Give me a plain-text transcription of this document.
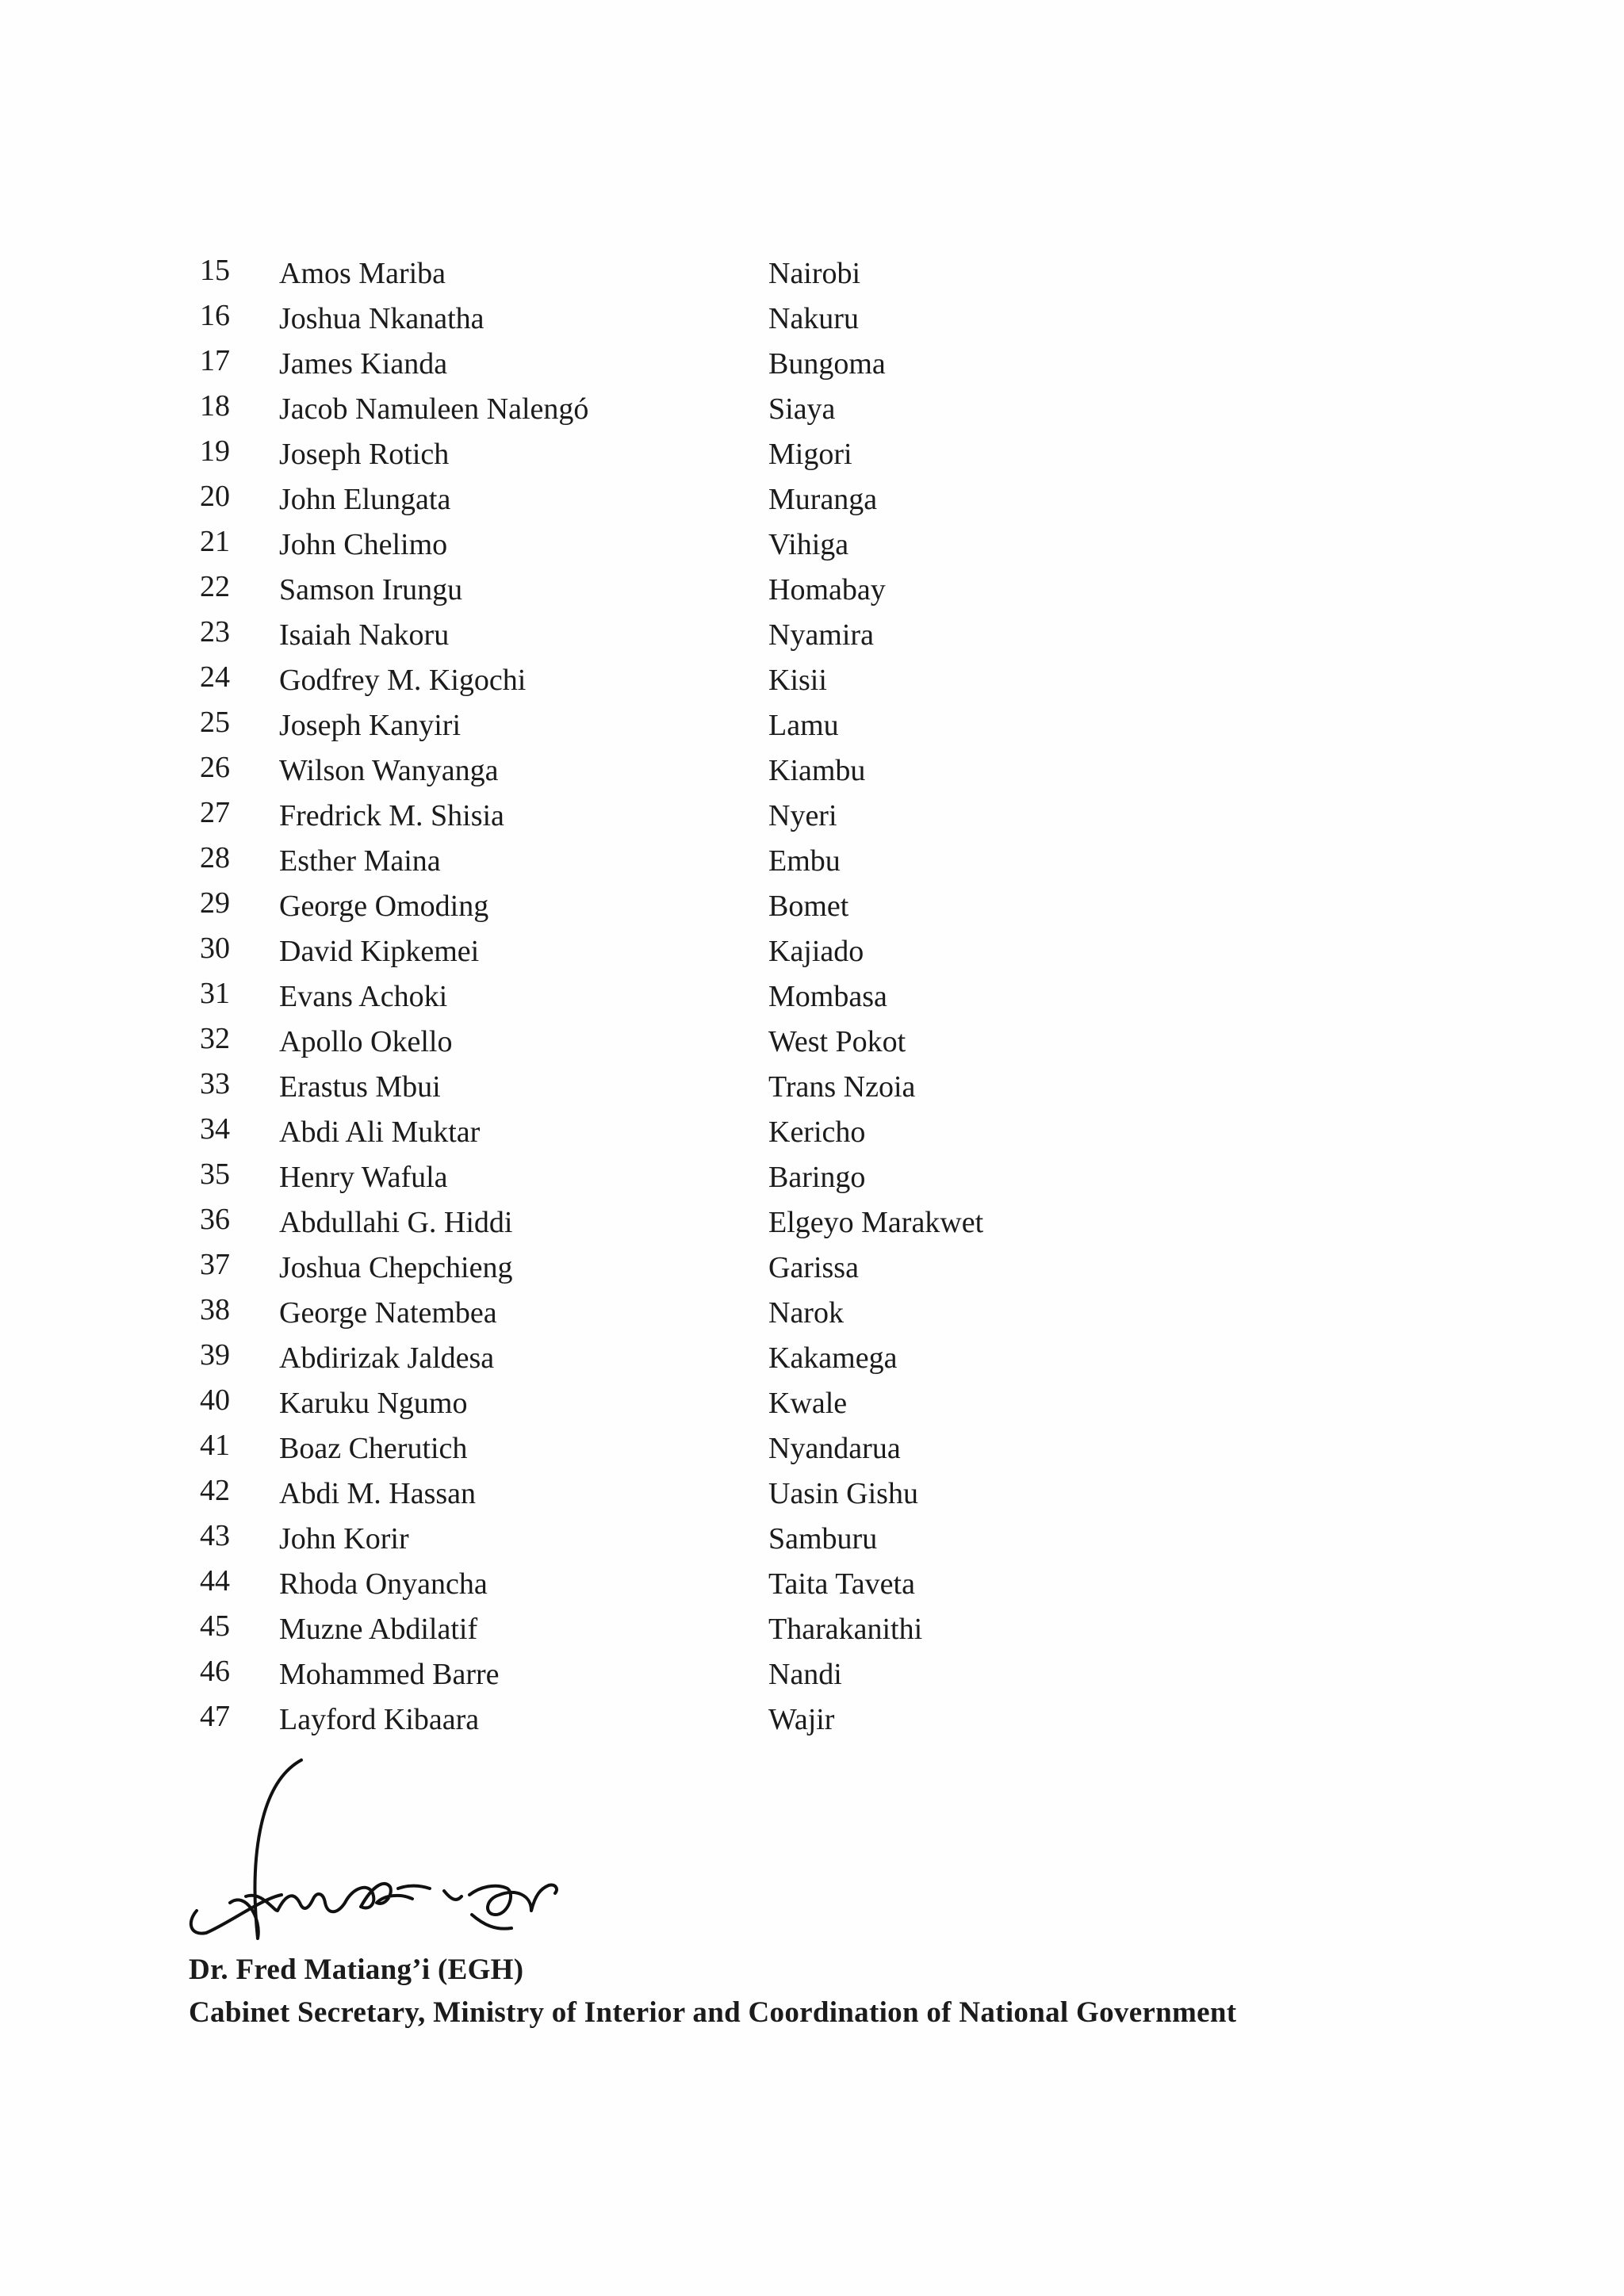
15	Amos Mariba	Nairobi
16	Joshua Nkanatha	Nakuru
17	James Kianda	Bungoma
18	Jacob Namuleen Nalengó	Siaya
19	Joseph Rotich	Migori
20	John Elungata	Muranga
21	John Chelimo	Vihiga
22	Samson Irungu	Homabay
23	Isaiah Nakoru	Nyamira
24	Godfrey M. Kigochi	Kisii
25	Joseph Kanyiri	Lamu
26	Wilson Wanyanga	Kiambu
27	Fredrick M. Shisia	Nyeri
28	Esther Maina	Embu
29	George Omoding	Bomet
30	David Kipkemei	Kajiado
31	Evans Achoki	Mombasa
32	Apollo Okello	West Pokot
33	Erastus Mbui	Trans Nzoia
34	Abdi Ali Muktar	Kericho
35	Henry Wafula	Baringo
36	Abdullahi G. Hiddi	Elgeyo Marakwet
37	Joshua Chepchieng	Garissa
38	George Natembea	Narok
39	Abdirizak Jaldesa	Kakamega
40	Karuku Ngumo	Kwale
41	Boaz Cherutich	Nyandarua
42	Abdi M. Hassan	Uasin Gishu
43	John Korir	Samburu
44	Rhoda Onyancha	Taita Taveta
45	Muzne Abdilatif	Tharakanithi
46	Mohammed Barre	Nandi
47	Layford Kibaara	Wajir
Dr. Fred Matiang’i (EGH)
Cabinet Secretary, Ministry of Interior and Coordination of National Government
